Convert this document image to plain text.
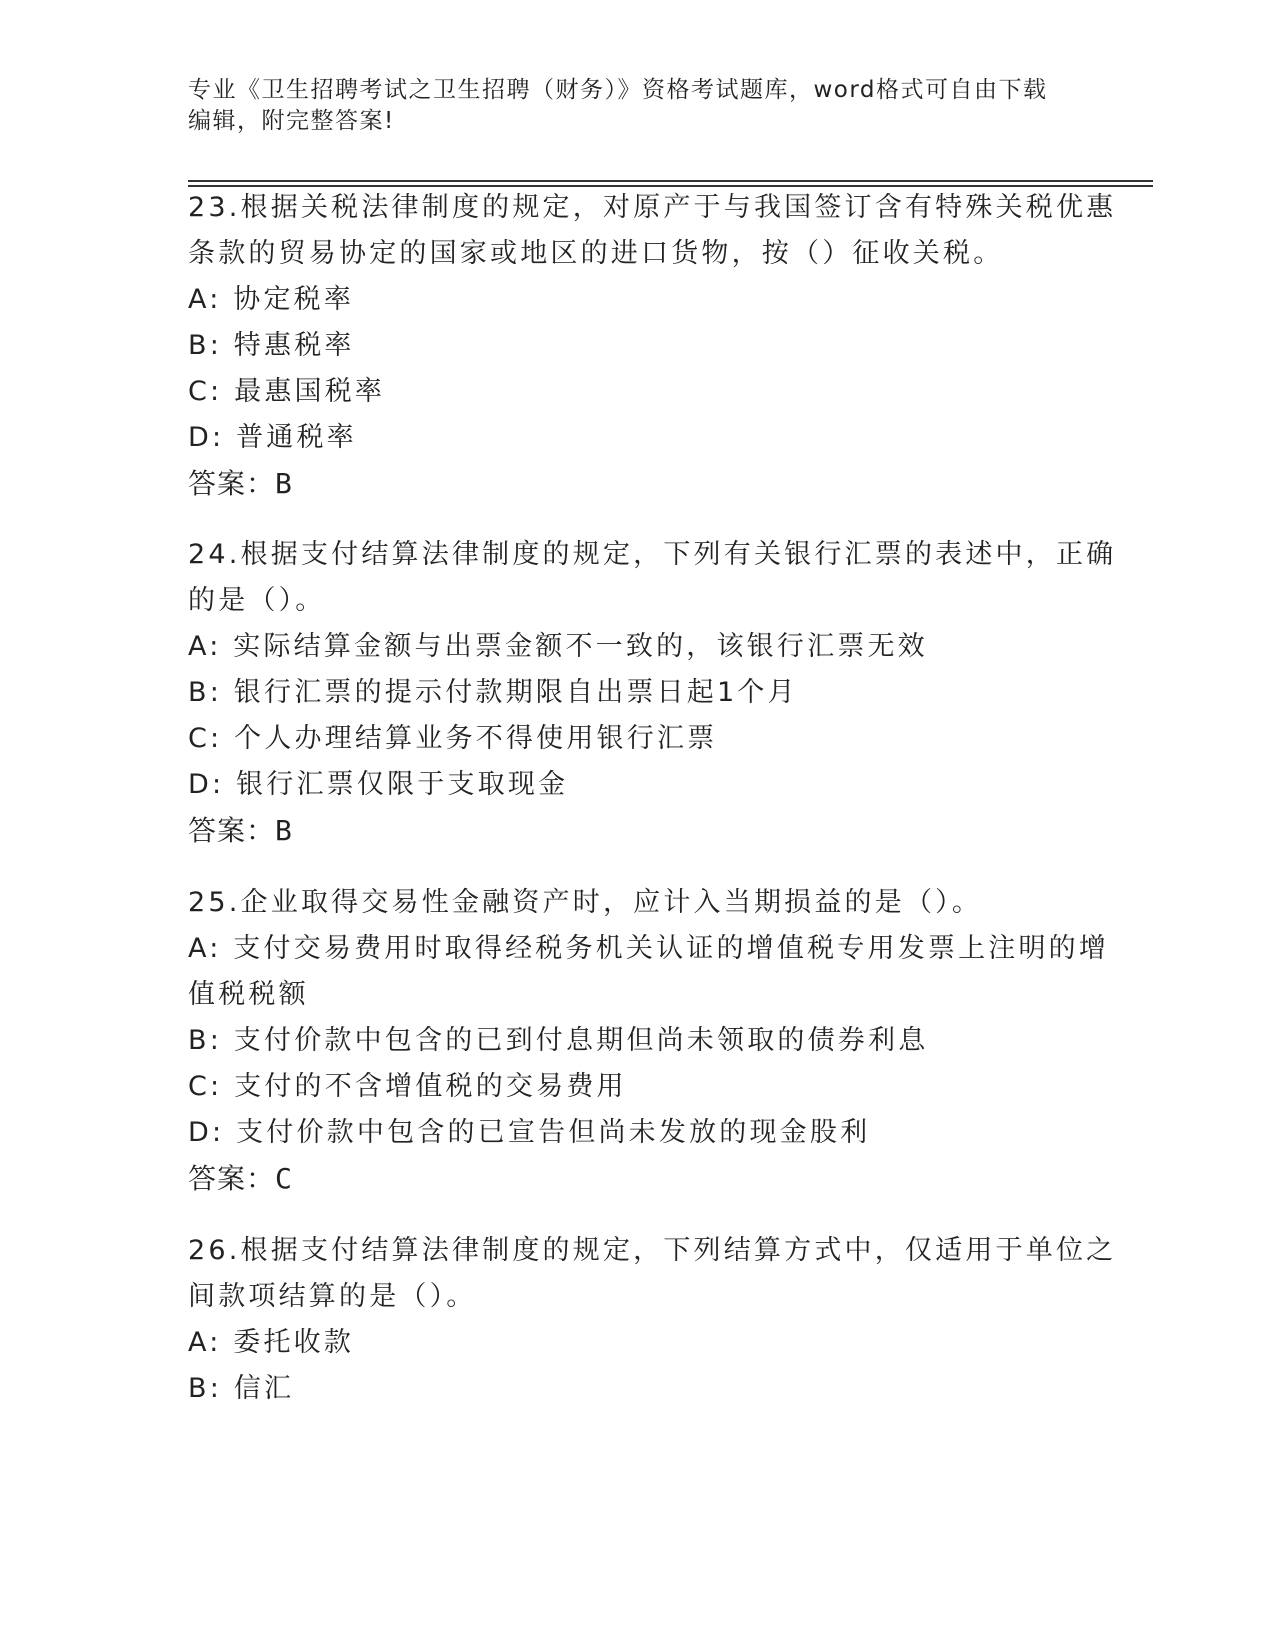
专业《卫生招聘考试之卫生招聘（财务）》资格考试题库，word格式可自由下载
编辑，附完整答案!
23.根据关税法律制度的规定，对原产于与我国签订含有特殊关税优惠
条款的贸易协定的国家或地区的进口货物，按（）征收关税。
A: 协定税率
B: 特惠税率
C: 最惠国税率
D: 普通税率
答案：B
24.根据支付结算法律制度的规定，下列有关银行汇票的表述中，正确
的是（）。
A: 实际结算金额与出票金额不一致的，该银行汇票无效
B: 银行汇票的提示付款期限自出票日起1个月
C: 个人办理结算业务不得使用银行汇票
D: 银行汇票仅限于支取现金
答案：B
25.企业取得交易性金融资产时，应计入当期损益的是（）。
A: 支付交易费用时取得经税务机关认证的增值税专用发票上注明的增
值税税额
B: 支付价款中包含的已到付息期但尚未领取的债券利息
C: 支付的不含增值税的交易费用
D: 支付价款中包含的已宣告但尚未发放的现金股利
答案：C
26.根据支付结算法律制度的规定，下列结算方式中，仅适用于单位之
间款项结算的是（）。
A: 委托收款
B: 信汇
